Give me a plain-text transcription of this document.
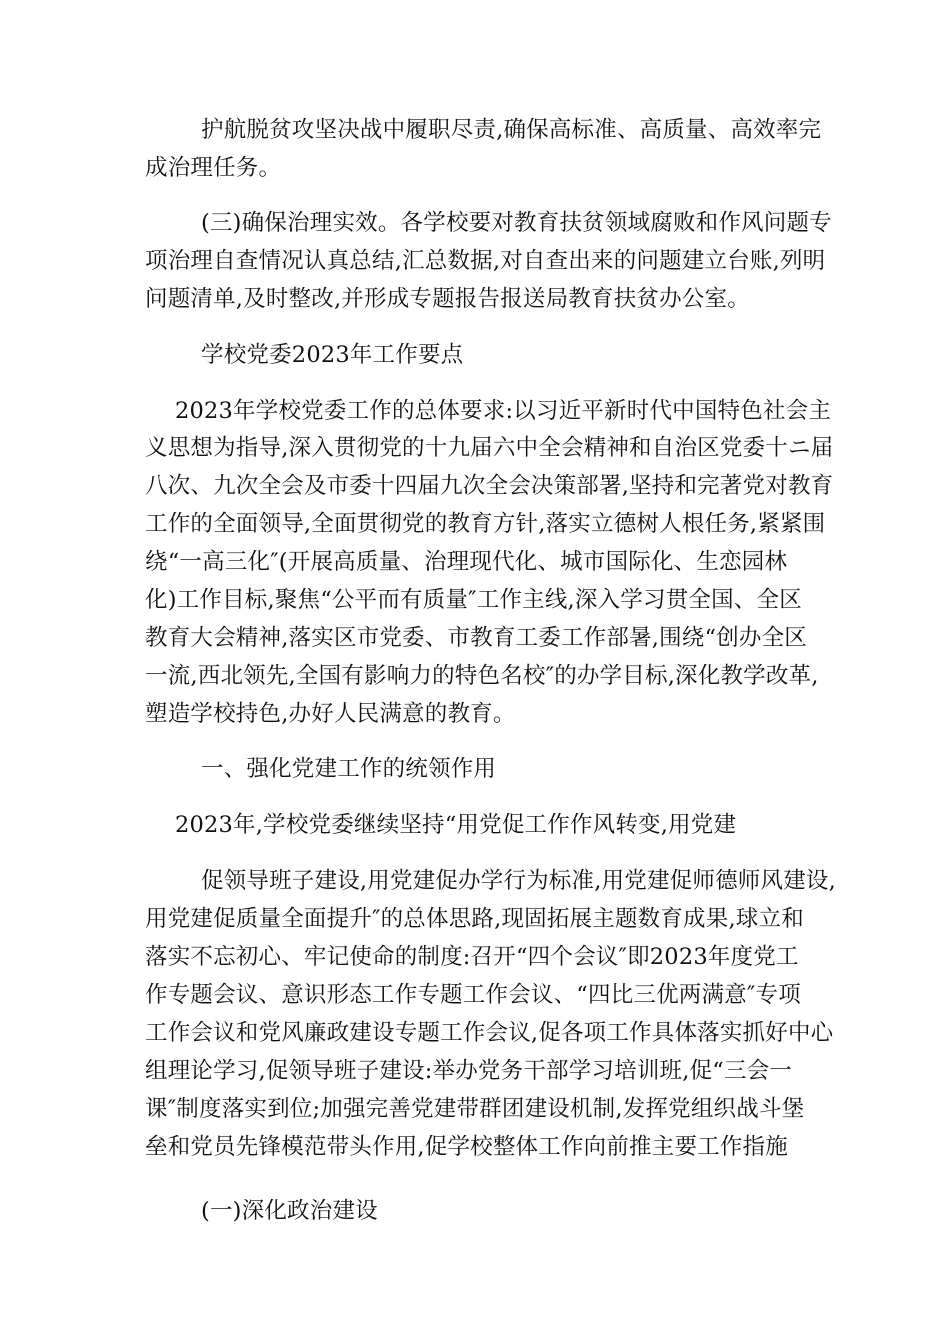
护航脱贫攻坚决战中履职尽责,确保高标准、高质量、高效率完
成治理任务。
(三)确保治理实效。各学校要对教育扶贫领域腐败和作风问题专
项治理自查情况认真总结,汇总数据,对自查出来的问题建立台账,列明
问题清单,及时整改,并形成专题报告报送局教育扶贫办公室。
学校党委2023年工作要点
2023年学校党委工作的总体要求:以习近平新时代中国特色社会主
义思想为指导,深入贯彻党的十九届六中全会精神和自治区党委十ニ届
八次、九次全会及市委十四届九次全会决策部署,坚持和完著党对教育
工作的全面领导,全面贯彻党的教育方针,落实立德树人根任务,紧紧围
绕“一高三化″(开展高质量、治理现代化、城市国际化、生恋园林
化)工作目标,聚焦“公平而有质量″工作主线,深入学习贯全国、全区
教育大会精神,落实区市党委、市教育工委工作部暑,围绕“创办全区
一流,西北领先,全国有影响力的特色名校″的办学目标,深化教学改革,
塑造学校持色,办好人民满意的教育。
一、强化党建工作的统领作用
2023年,学校党委继续坚持“用党促工作作风转变,用党建
促领导班子建设,用党建促办学行为标准,用党建促师德师风建设,
用党建促质量全面提升″的总体思路,现固拓展主题数育成果,球立和
落实不忘初心、牢记使命的制度:召开“四个会议″即2023年度党工
作专题会议、意识形态工作专题工作会议、“四比三优两满意″专项
工作会议和党风廉政建设专题工作会议,促各项工作具体落实抓好中心
组理论学习,促领导班子建设:举办党务干部学习培训班,促“三会一
课″制度落实到位;加强完善党建带群团建设机制,发挥党组织战斗堡
垒和党员先锋模范带头作用,促学校整体工作向前推主要工作指施
(一)深化政治建设
